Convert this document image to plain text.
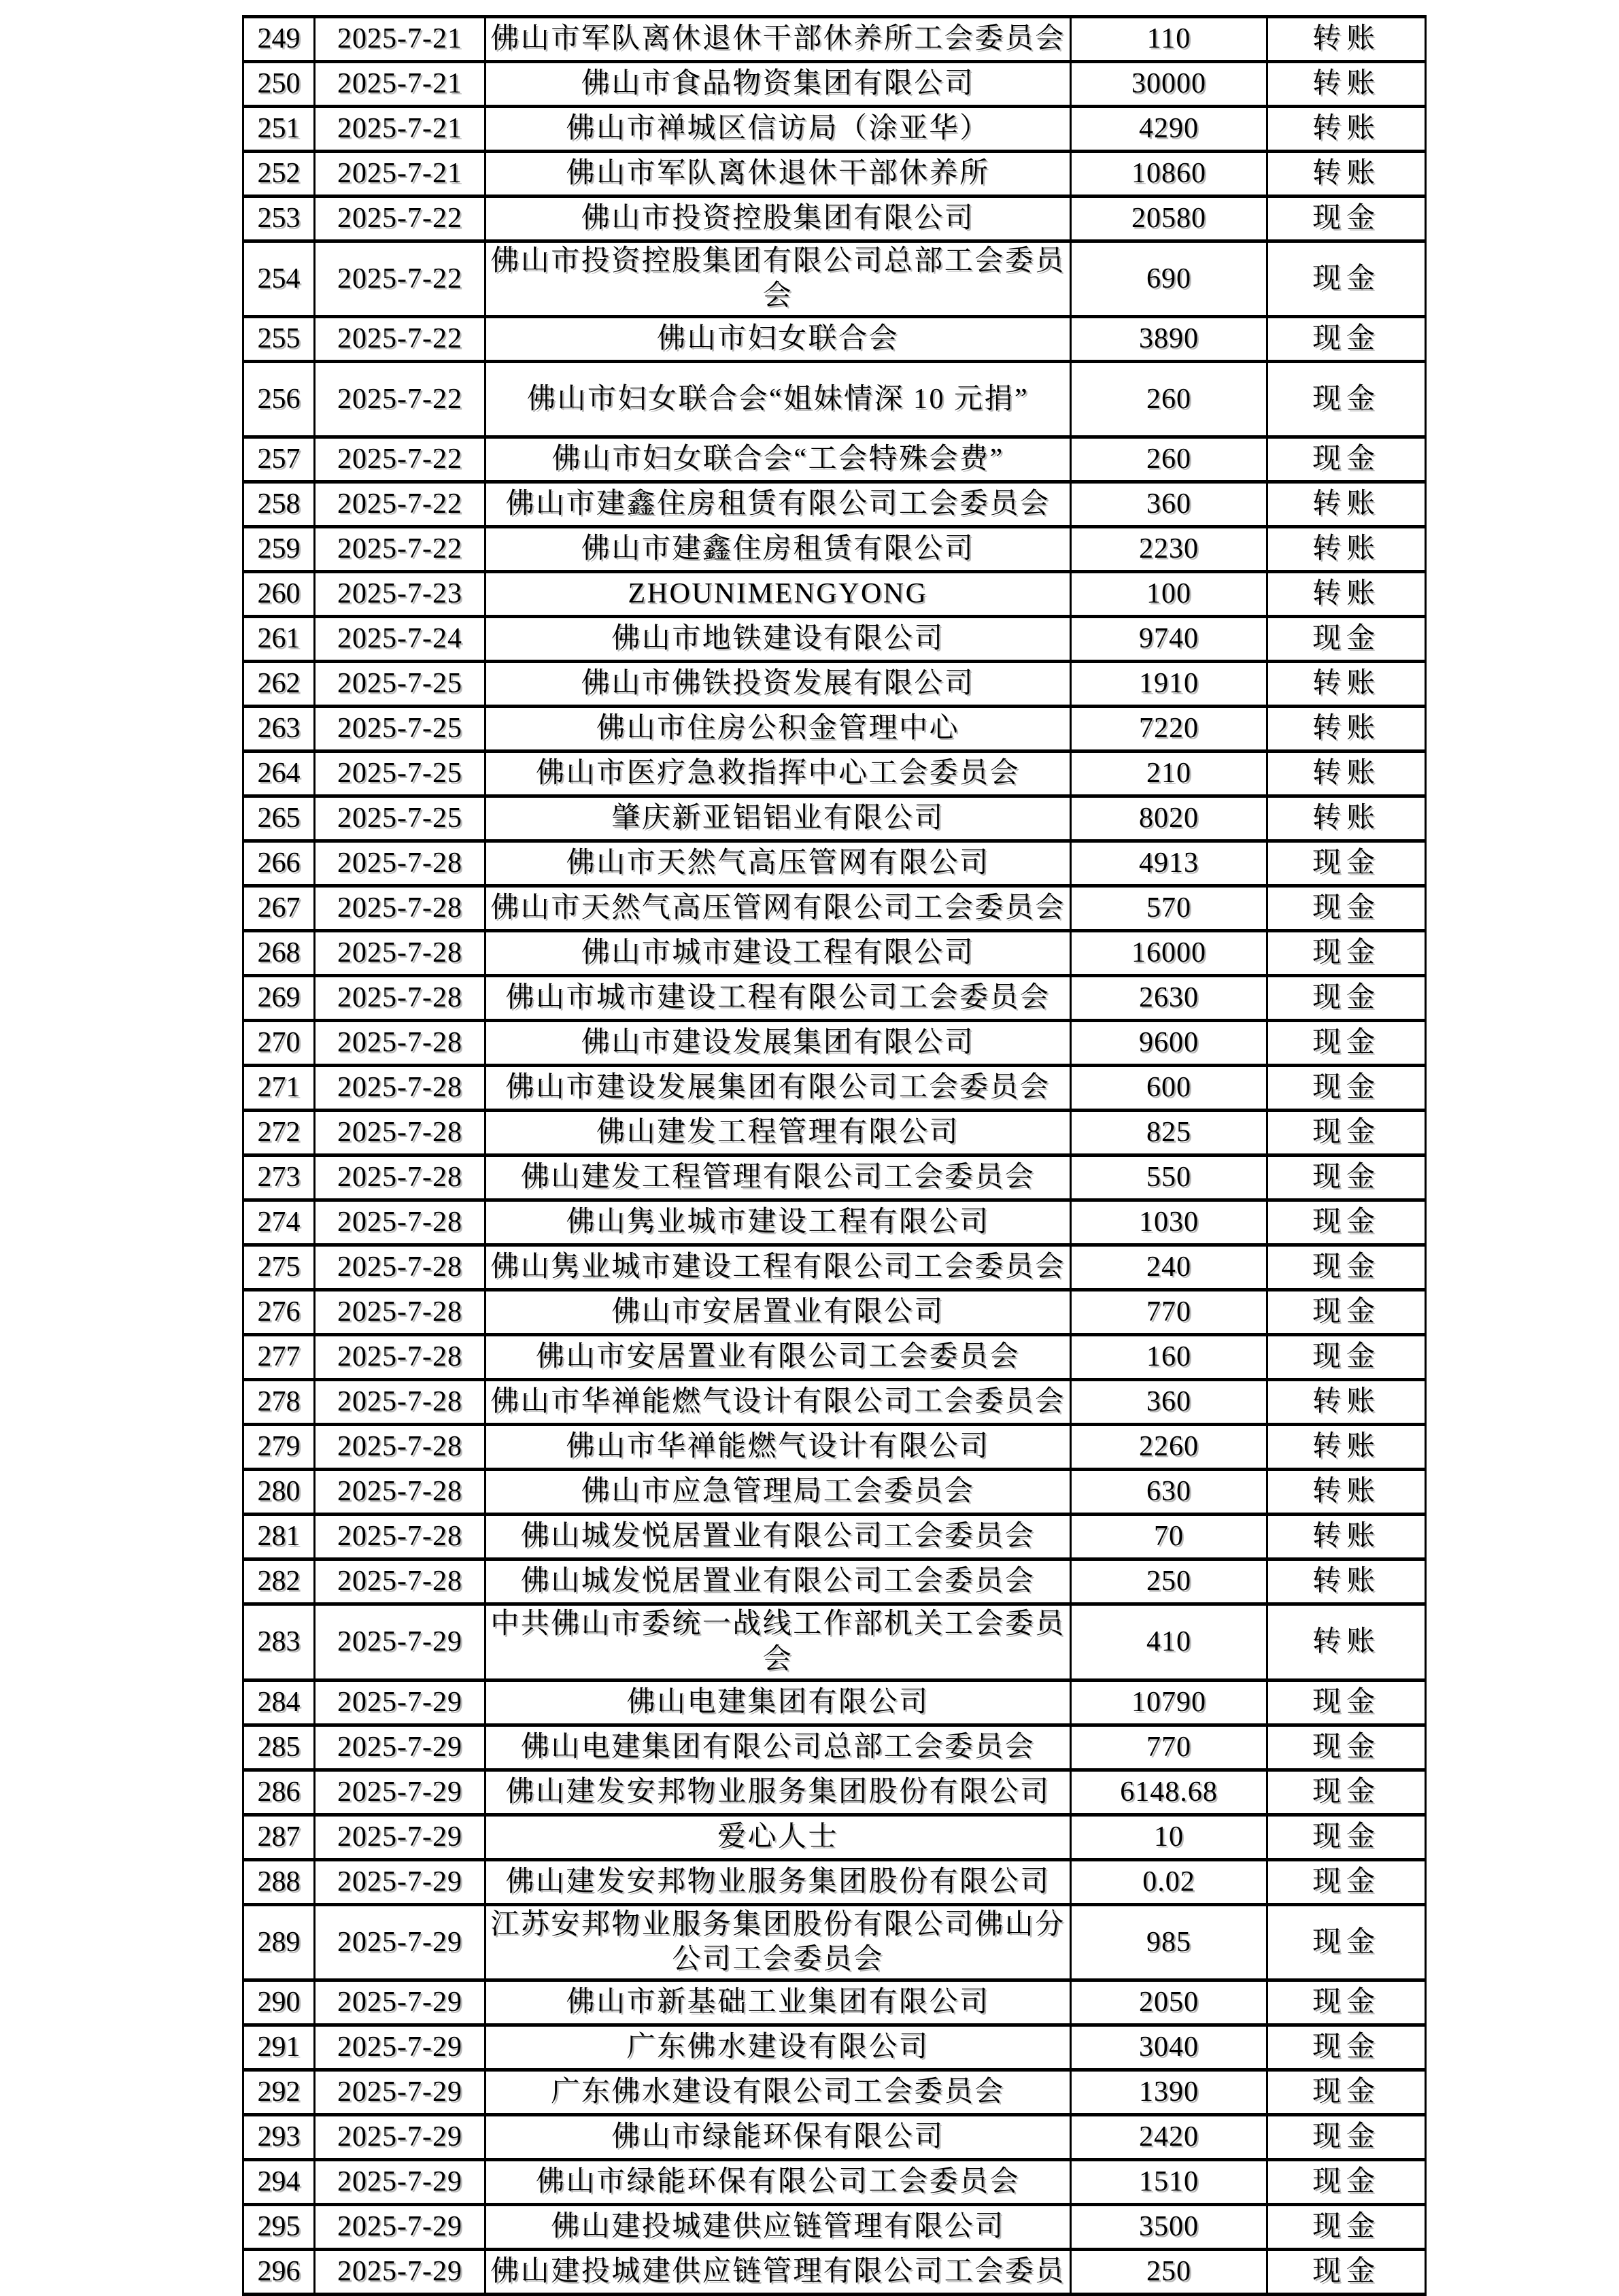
249	2025-7-21	佛山市军队离休退休干部休养所工会委员会	110	转账
250	2025-7-21	佛山市食品物资集团有限公司	30000	转账
251	2025-7-21	佛山市禅城区信访局（涂亚华）	4290	转账
252	2025-7-21	佛山市军队离休退休干部休养所	10860	转账
253	2025-7-22	佛山市投资控股集团有限公司	20580	现金
254	2025-7-22	佛山市投资控股集团有限公司总部工会委员会	690	现金
255	2025-7-22	佛山市妇女联合会	3890	现金
256	2025-7-22	佛山市妇女联合会“姐妹情深 10 元捐”	260	现金
257	2025-7-22	佛山市妇女联合会“工会特殊会费”	260	现金
258	2025-7-22	佛山市建鑫住房租赁有限公司工会委员会	360	转账
259	2025-7-22	佛山市建鑫住房租赁有限公司	2230	转账
260	2025-7-23	ZHOUNIMENGYONG	100	转账
261	2025-7-24	佛山市地铁建设有限公司	9740	现金
262	2025-7-25	佛山市佛铁投资发展有限公司	1910	转账
263	2025-7-25	佛山市住房公积金管理中心	7220	转账
264	2025-7-25	佛山市医疗急救指挥中心工会委员会	210	转账
265	2025-7-25	肇庆新亚铝铝业有限公司	8020	转账
266	2025-7-28	佛山市天然气高压管网有限公司	4913	现金
267	2025-7-28	佛山市天然气高压管网有限公司工会委员会	570	现金
268	2025-7-28	佛山市城市建设工程有限公司	16000	现金
269	2025-7-28	佛山市城市建设工程有限公司工会委员会	2630	现金
270	2025-7-28	佛山市建设发展集团有限公司	9600	现金
271	2025-7-28	佛山市建设发展集团有限公司工会委员会	600	现金
272	2025-7-28	佛山建发工程管理有限公司	825	现金
273	2025-7-28	佛山建发工程管理有限公司工会委员会	550	现金
274	2025-7-28	佛山隽业城市建设工程有限公司	1030	现金
275	2025-7-28	佛山隽业城市建设工程有限公司工会委员会	240	现金
276	2025-7-28	佛山市安居置业有限公司	770	现金
277	2025-7-28	佛山市安居置业有限公司工会委员会	160	现金
278	2025-7-28	佛山市华禅能燃气设计有限公司工会委员会	360	转账
279	2025-7-28	佛山市华禅能燃气设计有限公司	2260	转账
280	2025-7-28	佛山市应急管理局工会委员会	630	转账
281	2025-7-28	佛山城发悦居置业有限公司工会委员会	70	转账
282	2025-7-28	佛山城发悦居置业有限公司工会委员会	250	转账
283	2025-7-29	中共佛山市委统一战线工作部机关工会委员会	410	转账
284	2025-7-29	佛山电建集团有限公司	10790	现金
285	2025-7-29	佛山电建集团有限公司总部工会委员会	770	现金
286	2025-7-29	佛山建发安邦物业服务集团股份有限公司	6148.68	现金
287	2025-7-29	爱心人士	10	现金
288	2025-7-29	佛山建发安邦物业服务集团股份有限公司	0.02	现金
289	2025-7-29	江苏安邦物业服务集团股份有限公司佛山分公司工会委员会	985	现金
290	2025-7-29	佛山市新基础工业集团有限公司	2050	现金
291	2025-7-29	广东佛水建设有限公司	3040	现金
292	2025-7-29	广东佛水建设有限公司工会委员会	1390	现金
293	2025-7-29	佛山市绿能环保有限公司	2420	现金
294	2025-7-29	佛山市绿能环保有限公司工会委员会	1510	现金
295	2025-7-29	佛山建投城建供应链管理有限公司	3500	现金
296	2025-7-29	佛山建投城建供应链管理有限公司工会委员	250	现金
